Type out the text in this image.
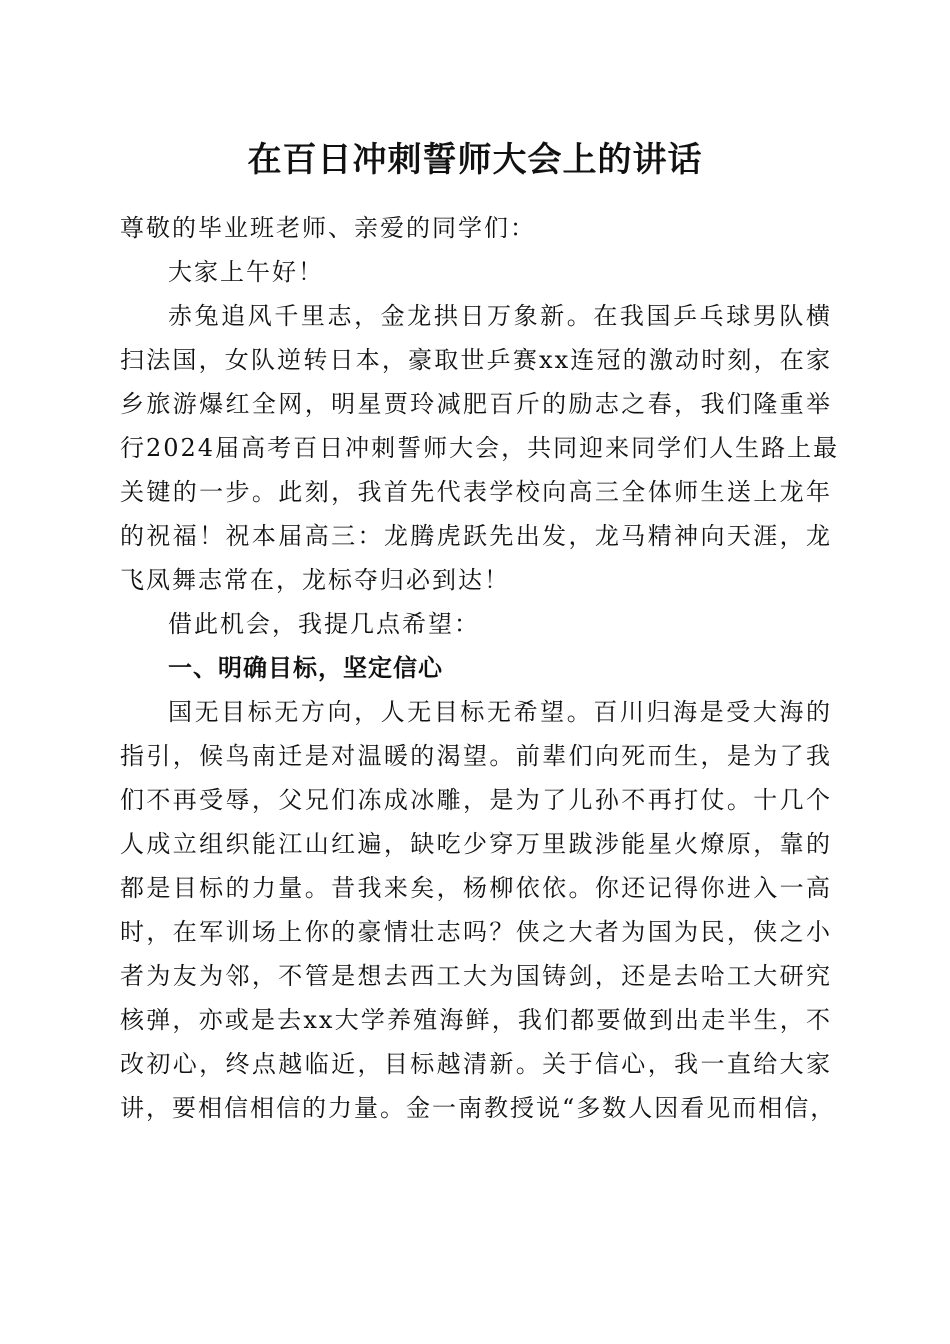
在百日冲刺誓师大会上的讲话

尊敬的毕业班老师、亲爱的同学们：

大家上午好！

赤兔追风千里志，金龙拱日万象新。在我国乒乓球男队横

扫法国，女队逆转日本，豪取世乒赛xx连冠的激动时刻，在家

乡旅游爆红全网，明星贾玲减肥百斤的励志之春，我们隆重举

行2024届高考百日冲刺誓师大会，共同迎来同学们人生路上最

关键的一步。此刻，我首先代表学校向高三全体师生送上龙年

的祝福！祝本届高三：龙腾虎跃先出发，龙马精神向天涯，龙

飞凤舞志常在，龙标夺归必到达！

借此机会，我提几点希望：

一、明确目标，坚定信心

国无目标无方向，人无目标无希望。百川归海是受大海的

指引，候鸟南迁是对温暖的渴望。前辈们向死而生，是为了我

们不再受辱，父兄们冻成冰雕，是为了儿孙不再打仗。十几个

人成立组织能江山红遍，缺吃少穿万里跋涉能星火燎原，靠的

都是目标的力量。昔我来矣，杨柳依依。你还记得你进入一高

时，在军训场上你的豪情壮志吗？侠之大者为国为民，侠之小

者为友为邻，不管是想去西工大为国铸剑，还是去哈工大研究

核弹，亦或是去xx大学养殖海鲜，我们都要做到出走半生，不

改初心，终点越临近，目标越清新。关于信心，我一直给大家

讲，要相信相信的力量。金一南教授说“多数人因看见而相信，
